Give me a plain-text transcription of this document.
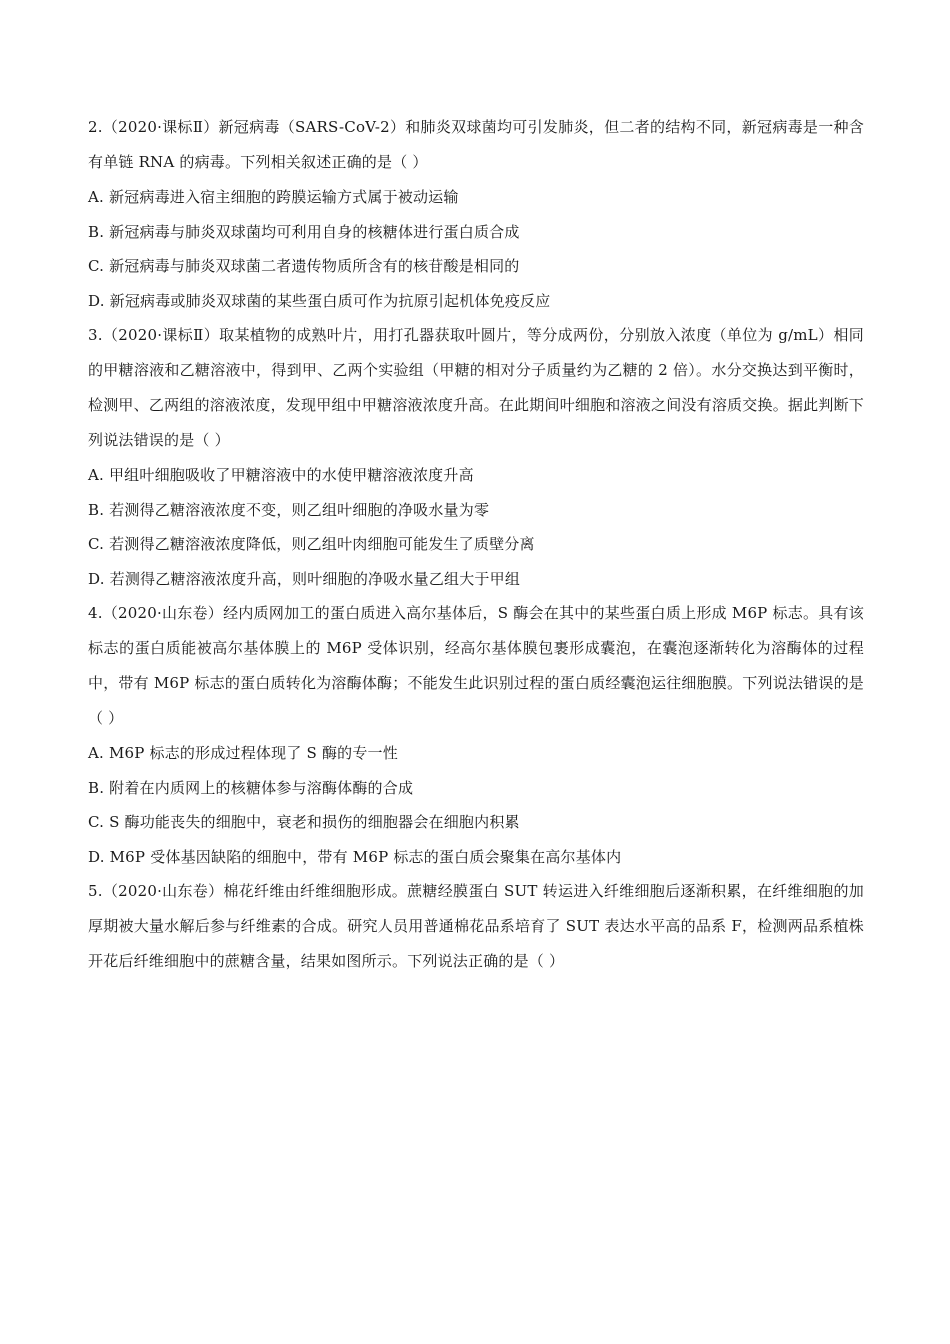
2.（2020·课标Ⅱ）新冠病毒（SARS-CoV-2）和肺炎双球菌均可引发肺炎，但二者的结构不同，新冠病毒是一种含有单链 RNA 的病毒。下列相关叙述正确的是（ ）

A. 新冠病毒进入宿主细胞的跨膜运输方式属于被动运输

B. 新冠病毒与肺炎双球菌均可利用自身的核糖体进行蛋白质合成

C. 新冠病毒与肺炎双球菌二者遗传物质所含有的核苷酸是相同的

D. 新冠病毒或肺炎双球菌的某些蛋白质可作为抗原引起机体免疫反应

3.（2020·课标Ⅱ）取某植物的成熟叶片，用打孔器获取叶圆片，等分成两份，分别放入浓度（单位为 g/mL）相同的甲糖溶液和乙糖溶液中，得到甲、乙两个实验组（甲糖的相对分子质量约为乙糖的 2 倍）。水分交换达到平衡时，检测甲、乙两组的溶液浓度，发现甲组中甲糖溶液浓度升高。在此期间叶细胞和溶液之间没有溶质交换。据此判断下列说法错误的是（ ）

A. 甲组叶细胞吸收了甲糖溶液中的水使甲糖溶液浓度升高

B. 若测得乙糖溶液浓度不变，则乙组叶细胞的净吸水量为零

C. 若测得乙糖溶液浓度降低，则乙组叶肉细胞可能发生了质壁分离

D. 若测得乙糖溶液浓度升高，则叶细胞的净吸水量乙组大于甲组

4.（2020·山东卷）经内质网加工的蛋白质进入高尔基体后，S 酶会在其中的某些蛋白质上形成 M6P 标志。具有该标志的蛋白质能被高尔基体膜上的 M6P 受体识别，经高尔基体膜包裹形成囊泡，在囊泡逐渐转化为溶酶体的过程中，带有 M6P 标志的蛋白质转化为溶酶体酶；不能发生此识别过程的蛋白质经囊泡运往细胞膜。下列说法错误的是（ ）

A. M6P 标志的形成过程体现了 S 酶的专一性

B. 附着在内质网上的核糖体参与溶酶体酶的合成

C. S 酶功能丧失的细胞中，衰老和损伤的细胞器会在细胞内积累

D. M6P 受体基因缺陷的细胞中，带有 M6P 标志的蛋白质会聚集在高尔基体内

5.（2020·山东卷）棉花纤维由纤维细胞形成。蔗糖经膜蛋白 SUT 转运进入纤维细胞后逐渐积累，在纤维细胞的加厚期被大量水解后参与纤维素的合成。研究人员用普通棉花品系培育了 SUT 表达水平高的品系 F，检测两品系植株开花后纤维细胞中的蔗糖含量，结果如图所示。下列说法正确的是（ ）
